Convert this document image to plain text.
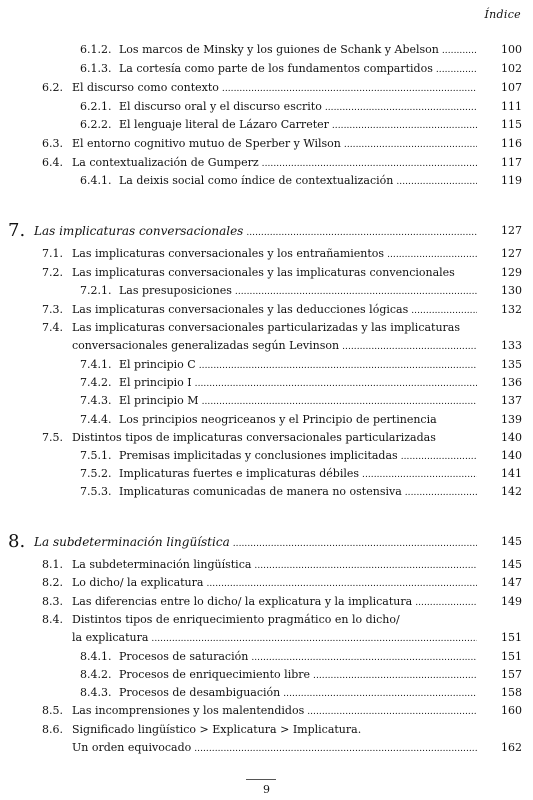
Índice
6.1.2. Los marcos de Minsky y los guiones de Schank y Abelson . . .	100
6.1.3. La cortesía como parte de los fundamentos compartidos . . .	102
6.2. El discurso como contexto . . .	107
6.2.1. El discurso oral y el discurso escrito . . .	111
6.2.2. El lenguaje literal de Lázaro Carreter . . .	115
6.3. El entorno cognitivo mutuo de Sperber y Wilson . . .	116
6.4. La contextualización de Gumperz . . .	117
6.4.1. La deixis social como índice de contextualización . . .	119
7. Las implicaturas conversacionales . . .	127
7.1. Las implicaturas conversacionales y los entrañamientos . . .	127
7.2. Las implicaturas conversacionales y las implicaturas convencionales	129
7.2.1. Las presuposiciones . . .	130
7.3. Las implicaturas conversacionales y las deducciones lógicas . . .	132
7.4. Las implicaturas conversacionales particularizadas y las implicaturas
conversacionales generalizadas según Levinson . . .	133
7.4.1. El principio C . . .	135
7.4.2. El principio I . . .	136
7.4.3. El principio M . . .	137
7.4.4. Los principios neogriceanos y el Principio de pertinencia	139
7.5. Distintos tipos de implicaturas conversacionales particularizadas	140
7.5.1. Premisas implicitadas y conclusiones implicitadas . . .	140
7.5.2. Implicaturas fuertes e implicaturas débiles . . .	141
7.5.3. Implicaturas comunicadas de manera no ostensiva . . .	142
8. La subdeterminación lingüística . . .	145
8.1. La subdeterminación lingüística . . .	145
8.2. Lo dicho/ la explicatura . . .	147
8.3. Las diferencias entre lo dicho/ la explicatura y la implicatura . . .	149
8.4. Distintos tipos de enriquecimiento pragmático en lo dicho/
la explicatura . . .	151
8.4.1. Procesos de saturación . . .	151
8.4.2. Procesos de enriquecimiento libre . . .	157
8.4.3. Procesos de desambiguación . . .	158
8.5. Las incomprensiones y los malentendidos . . .	160
8.6. Significado lingüístico > Explicatura > Implicatura.
Un orden equivocado . . .	162
9
